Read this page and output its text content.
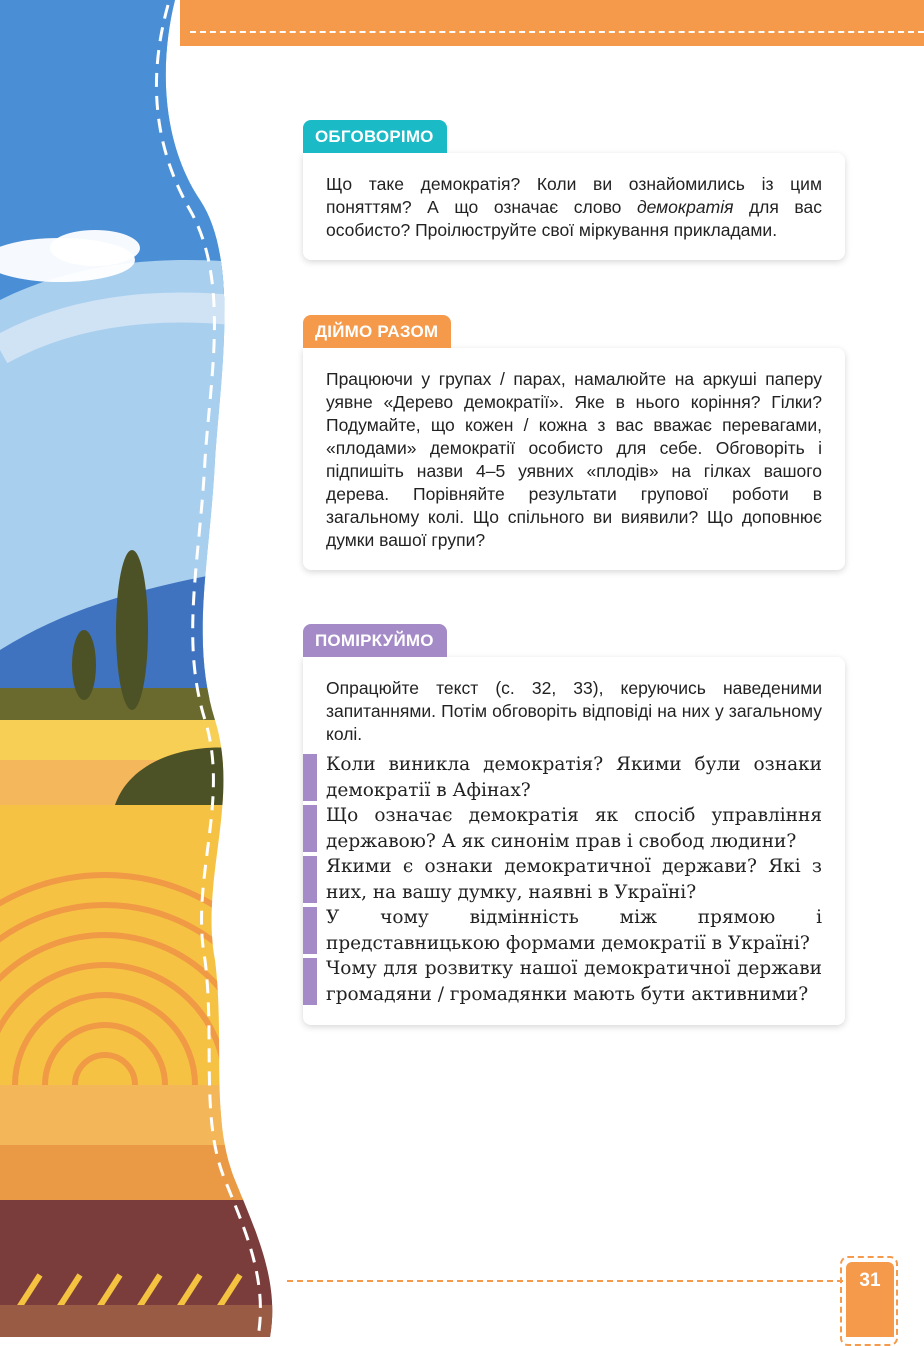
ОБГОВОРІМО

Що таке демократія? Коли ви ознайомились із цим поняттям? А що означає слово демократія для вас особисто? Проілюструйте свої міркування прикладами.

ДІЙМО РАЗОМ

Працюючи у групах / парах, намалюйте на аркуші паперу уявне «Дерево демократії». Яке в нього коріння? Гілки? Подумайте, що кожен / кожна з вас вважає перевагами, «плодами» демократії особисто для себе. Обговоріть і підпишіть назви 4–5 уявних «плодів» на гілках вашого дерева. Порівняйте результати групової роботи в загальному колі. Що спільного ви виявили? Що доповнює думки вашої групи?

ПОМІРКУЙМО

Опрацюйте текст (с. 32, 33), керуючись наведеними запитаннями. Потім обговоріть відповіді на них у загальному колі.

Коли виникла демократія? Якими були ознаки демократії в Афінах?

Що означає демократія як спосіб управління державою? А як синонім прав і свобод людини?

Якими є ознаки демократичної держави? Які з них, на вашу думку, наявні в Україні?

У чому відмінність між прямою і представницькою формами демократії в Україні?

Чому для розвитку нашої демократичної держави громадяни / громадянки мають бути активними?

31
